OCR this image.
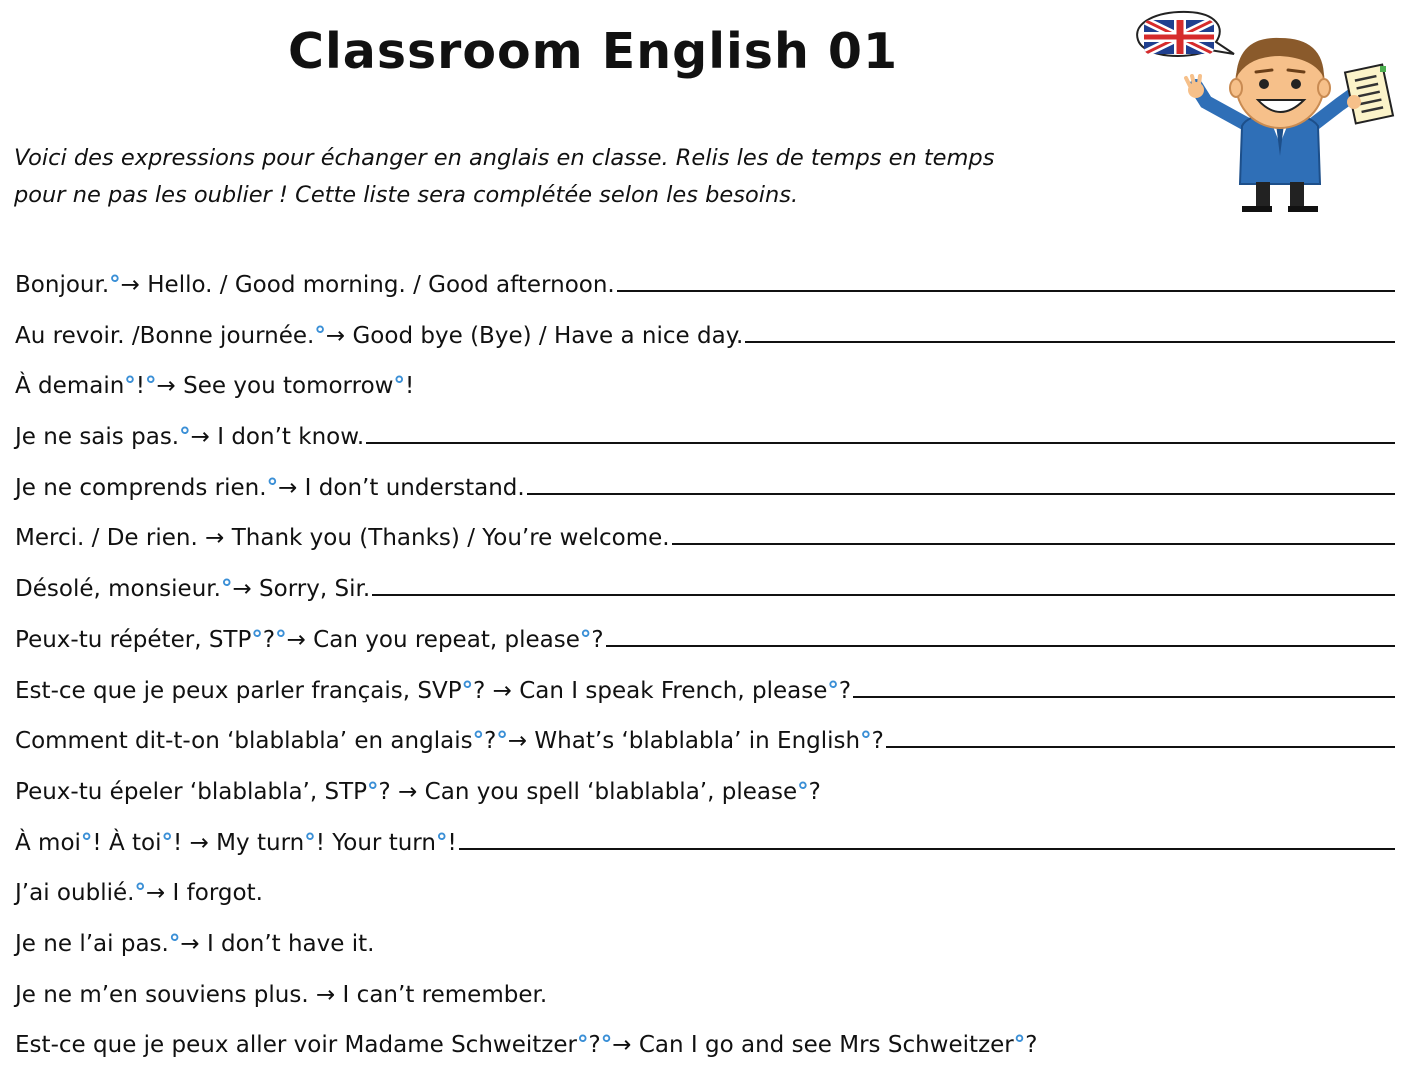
Classroom English 01
Voici des expressions pour échanger en anglais en classe. Relis les de temps en temps
pour ne pas les oublier ! Cette liste sera complétée selon les besoins.
Bonjour.°→ Hello. / Good morning. / Good afternoon.
Au revoir. /Bonne journée.°→ Good bye (Bye) / Have a nice day.
À demain°!°→ See you tomorrow°!
Je ne sais pas.°→ I don’t know.
Je ne comprends rien.°→ I don’t understand.
Merci. / De rien. → Thank you (Thanks) / You’re welcome.
Désolé, monsieur.°→ Sorry, Sir.
Peux-tu répéter, STP°?°→ Can you repeat, please°?
Est-ce que je peux parler français, SVP°? → Can I speak French, please°?
Comment dit-t-on ‘blablabla’ en anglais°?°→ What’s ‘blablabla’ in English°?
Peux-tu épeler ‘blablabla’, STP°? → Can you spell ‘blablabla’, please°?
À moi°! À toi°! → My turn°! Your turn°!
J’ai oublié.°→ I forgot.
Je ne l’ai pas.°→ I don’t have it.
Je ne m’en souviens plus. → I can’t remember.
Est-ce que je peux aller voir Madame Schweitzer°?°→ Can I go and see Mrs Schweitzer°?
